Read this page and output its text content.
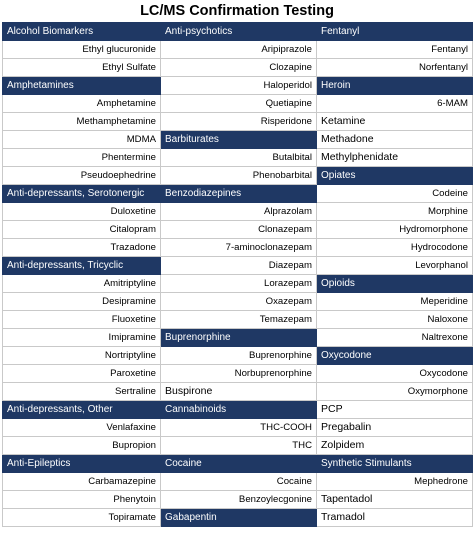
LC/MS Confirmation Testing
Alcohol Biomarkers	Anti-psychotics	Fentanyl
Ethyl glucuronide	Aripiprazole	Fentanyl
Ethyl Sulfate	Clozapine	Norfentanyl
Amphetamines	Haloperidol	Heroin
Amphetamine	Quetiapine	6-MAM
Methamphetamine	Risperidone	Ketamine
MDMA	Barbiturates	Methadone
Phentermine	Butalbital	Methylphenidate
Pseudoephedrine	Phenobarbital	Opiates
Anti-depressants, Serotonergic	Benzodiazepines	Codeine
Duloxetine	Alprazolam	Morphine
Citalopram	Clonazepam	Hydromorphone
Trazadone	7-aminoclonazepam	Hydrocodone
Anti-depressants, Tricyclic	Diazepam	Levorphanol
Amitriptyline	Lorazepam	Opioids
Desipramine	Oxazepam	Meperidine
Fluoxetine	Temazepam	Naloxone
Imipramine	Buprenorphine	Naltrexone
Nortriptyline	Buprenorphine	Oxycodone
Paroxetine	Norbuprenorphine	Oxycodone
Sertraline	Buspirone	Oxymorphone
Anti-depressants, Other	Cannabinoids	PCP
Venlafaxine	THC-COOH	Pregabalin
Bupropion	THC	Zolpidem
Anti-Epileptics	Cocaine	Synthetic Stimulants
Carbamazepine	Cocaine	Mephedrone
Phenytoin	Benzoylecgonine	Tapentadol
Topiramate	Gabapentin	Tramadol
